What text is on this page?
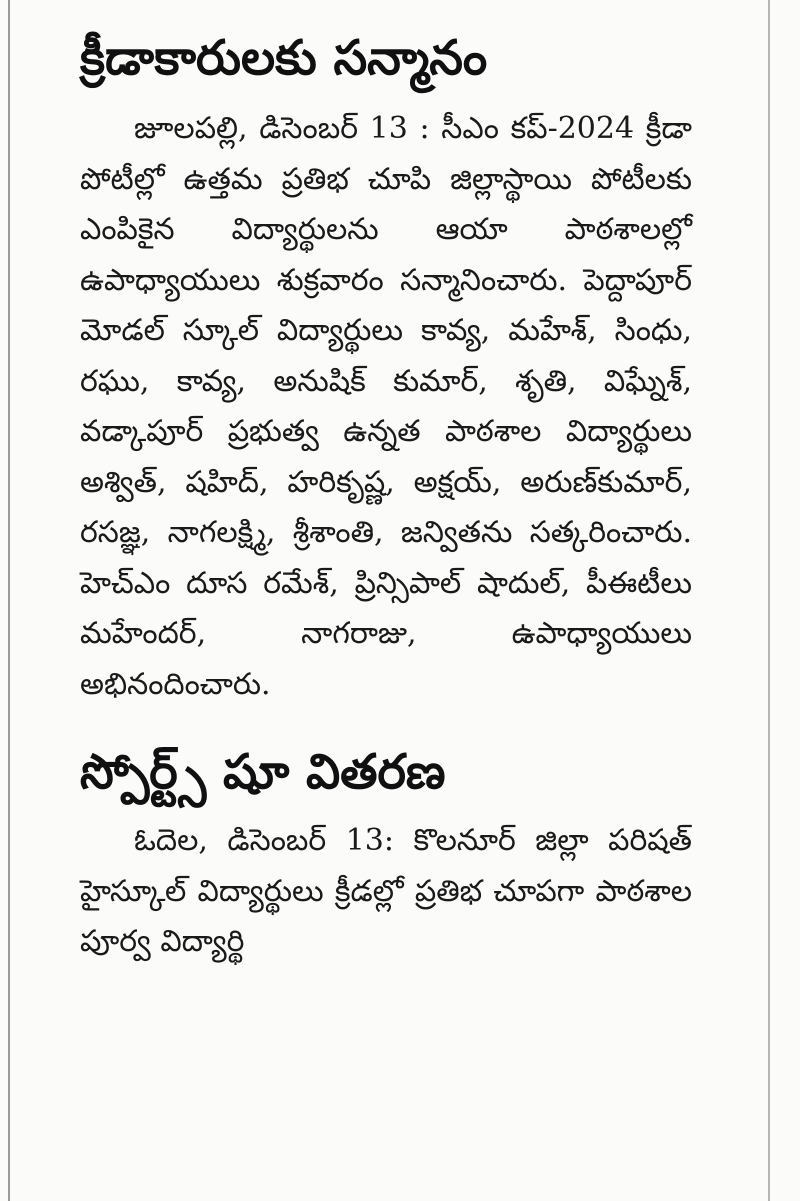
క్రీడాకారులకు సన్మానం

జూలపల్లి, డిసెంబర్ 13 : సీఎం కప్-2024 క్రీడా పోటీల్లో ఉత్తమ ప్రతిభ చూపి జిల్లాస్థాయి పోటీలకు ఎంపికైన విద్యార్థులను ఆయా పాఠశాలల్లో ఉపాధ్యాయులు శుక్రవారం సన్మానించారు. పెద్దాపూర్ మోడల్ స్కూల్ విద్యార్థులు కావ్య, మహేశ్, సింధు, రఘు, కావ్య, అనుషిక్ కుమార్, శృతి, విఘ్నేశ్, వడ్కాపూర్ ప్రభుత్వ ఉన్నత పాఠశాల విద్యార్థులు అశ్విత్, షహిద్, హరికృష్ణ, అక్షయ్, అరుణ్‌కుమార్, రసజ్ఞ, నాగలక్ష్మి, శ్రీశాంతి, జన్వితను సత్కరించారు. హెచ్‌ఎం దూస రమేశ్, ప్రిన్సిపాల్ షాదుల్, పీఈటీలు మహేందర్, నాగరాజు, ఉపాధ్యాయులు అభినందించారు.

స్పోర్ట్స్ షూ వితరణ

ఓదెల, డిసెంబర్ 13: కొలనూర్ జిల్లా పరిషత్ హైస్కూల్ విద్యార్థులు క్రీడల్లో ప్రతిభ చూపగా పాఠశాల పూర్వ విద్యార్థి
